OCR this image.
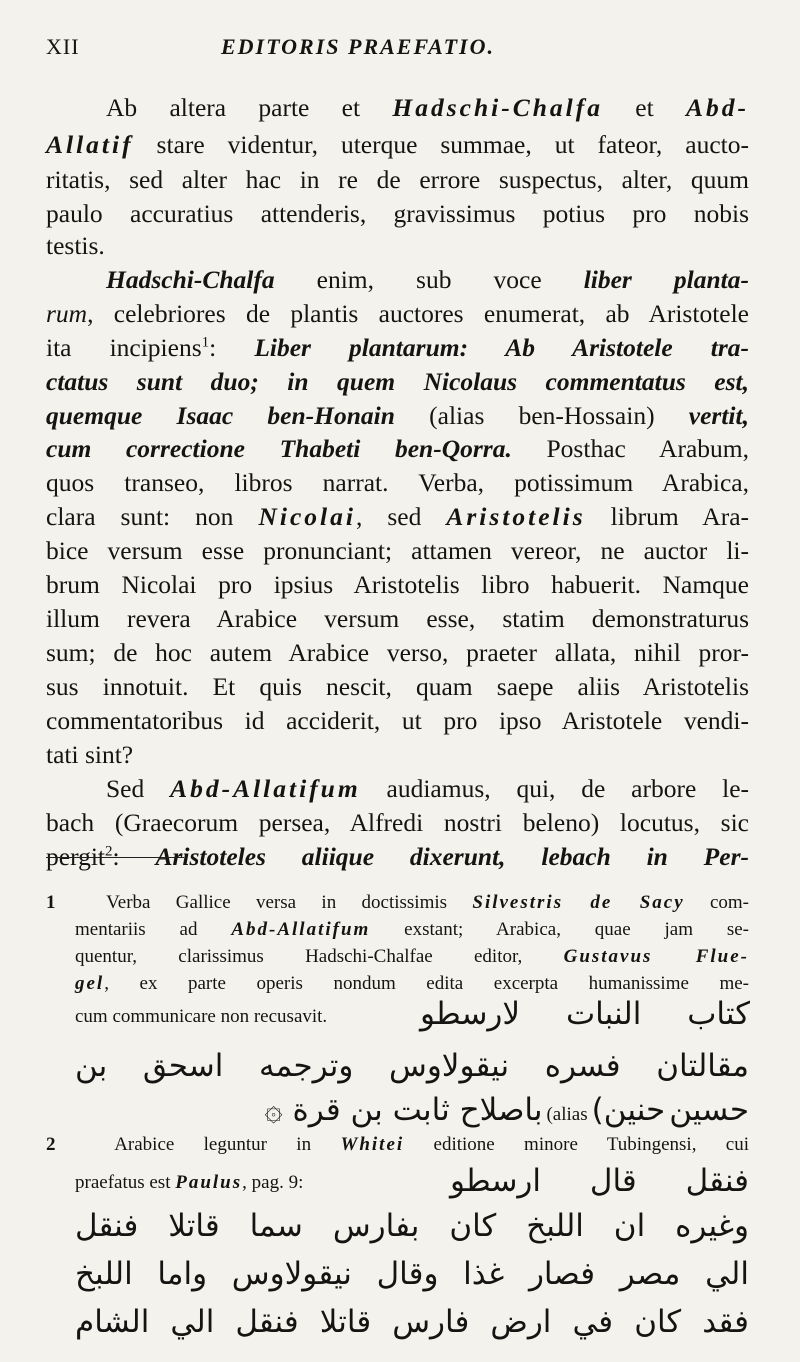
XII	EDITORIS PRAEFATIO.
Ab altera parte et Hadschi-Chalfa et Abd-
Allatif stare videntur, uterque summae, ut fateor, aucto-
ritatis, sed alter hac in re de errore suspectus, alter, quum
paulo accuratius attenderis, gravissimus potius pro nobis
testis.
Hadschi-Chalfa enim, sub voce liber planta-
rum, celebriores de plantis auctores enumerat, ab Aristotele
ita incipiens$^1$: Liber plantarum: Ab Aristotele tra-
ctatus sunt duo; in quem Nicolaus commentatus est,
quemque Isaac ben-Honain (alias ben-Hossain) vertit,
cum correctione Thabeti ben-Qorra. Posthac Arabum,
quos transeo, libros narrat. Verba, potissimum Arabica,
clara sunt: non Nicolai, sed Aristotelis librum Ara-
bice versum esse pronunciant; attamen vereor, ne auctor li-
brum Nicolai pro ipsius Aristotelis libro habuerit. Namque
illum revera Arabice versum esse, statim demonstraturus
sum; de hoc autem Arabice verso, praeter allata, nihil pror-
sus innotuit. Et quis nescit, quam saepe aliis Aristotelis
commentatoribus id acciderit, ut pro ipso Aristotele vendi-
tati sint?
Sed Abd-Allatifum audiamus, qui, de arbore le-
bach (Graecorum persea, Alfredi nostri beleno) locutus, sic
pergit$^2$: Aristoteles aliique dixerunt, lebach in Per-
1	Verba Gallice versa in doctissimis Silvestris de Sacy com-
mentariis ad Abd-Allatifum exstant; Arabica, quae jam se-
quentur, clarissimus Hadschi-Chalfae editor, Gustavus Flue-
gel, ex parte operis nondum edita excerpta humanissime me-
cum communicare non recusavit.	كتاب النبات لارسطو
مقالتان فسره نيقولاوس وترجمه اسحق بن
حسين حنين) (alias باصلاح ثابت بن قرة ۞
2	Arabice leguntur in Whitei editione minore Tubingensi, cui
praefatus est Paulus, pag. 9:	فنقل قال ارسطو
وغيره ان اللبخ كان بفارس سما قاتلا فنقل
الي مصر فصار غذا وقال نيقولاوس واما اللبخ
فقد كان في ارض فارس قاتلا فنقل الي الشام
